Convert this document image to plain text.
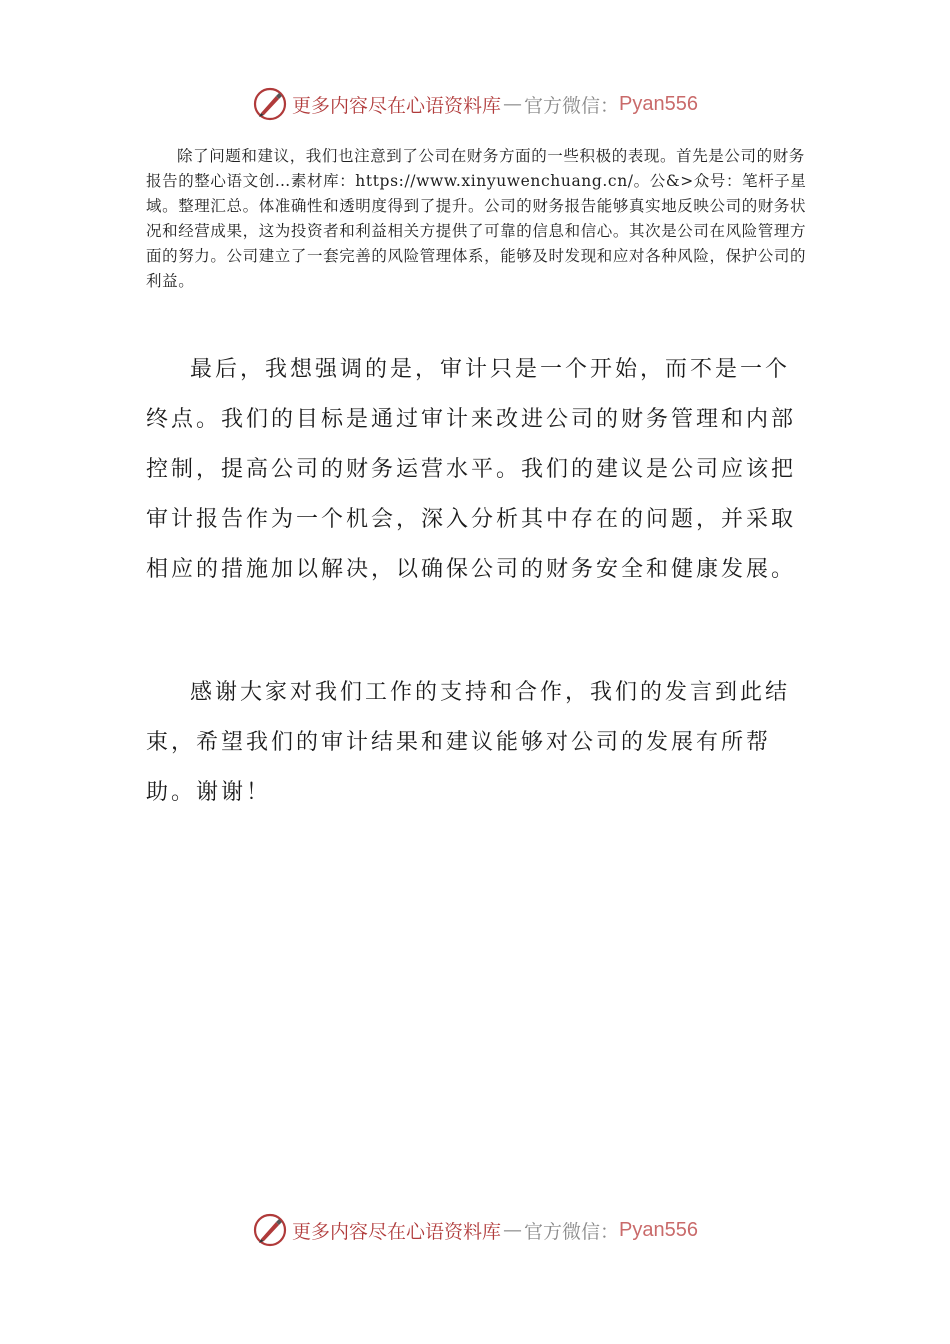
更多内容尽在心语资料库 — 官方微信： Pyan556

除了问题和建议，我们也注意到了公司在财务方面的一些积极的表现。首先是公司的财务报告的整心语文创…素材库：https://www.xinyuwenchuang.cn/。公&>众号：笔杆子星域。整理汇总。体准确性和透明度得到了提升。公司的财务报告能够真实地反映公司的财务状况和经营成果，这为投资者和利益相关方提供了可靠的信息和信心。其次是公司在风险管理方面的努力。公司建立了一套完善的风险管理体系，能够及时发现和应对各种风险，保护公司的利益。

最后，我想强调的是，审计只是一个开始，而不是一个终点。我们的目标是通过审计来改进公司的财务管理和内部控制，提高公司的财务运营水平。我们的建议是公司应该把审计报告作为一个机会，深入分析其中存在的问题，并采取相应的措施加以解决，以确保公司的财务安全和健康发展。

感谢大家对我们工作的支持和合作，我们的发言到此结束，希望我们的审计结果和建议能够对公司的发展有所帮助。谢谢！

更多内容尽在心语资料库 — 官方微信： Pyan556
